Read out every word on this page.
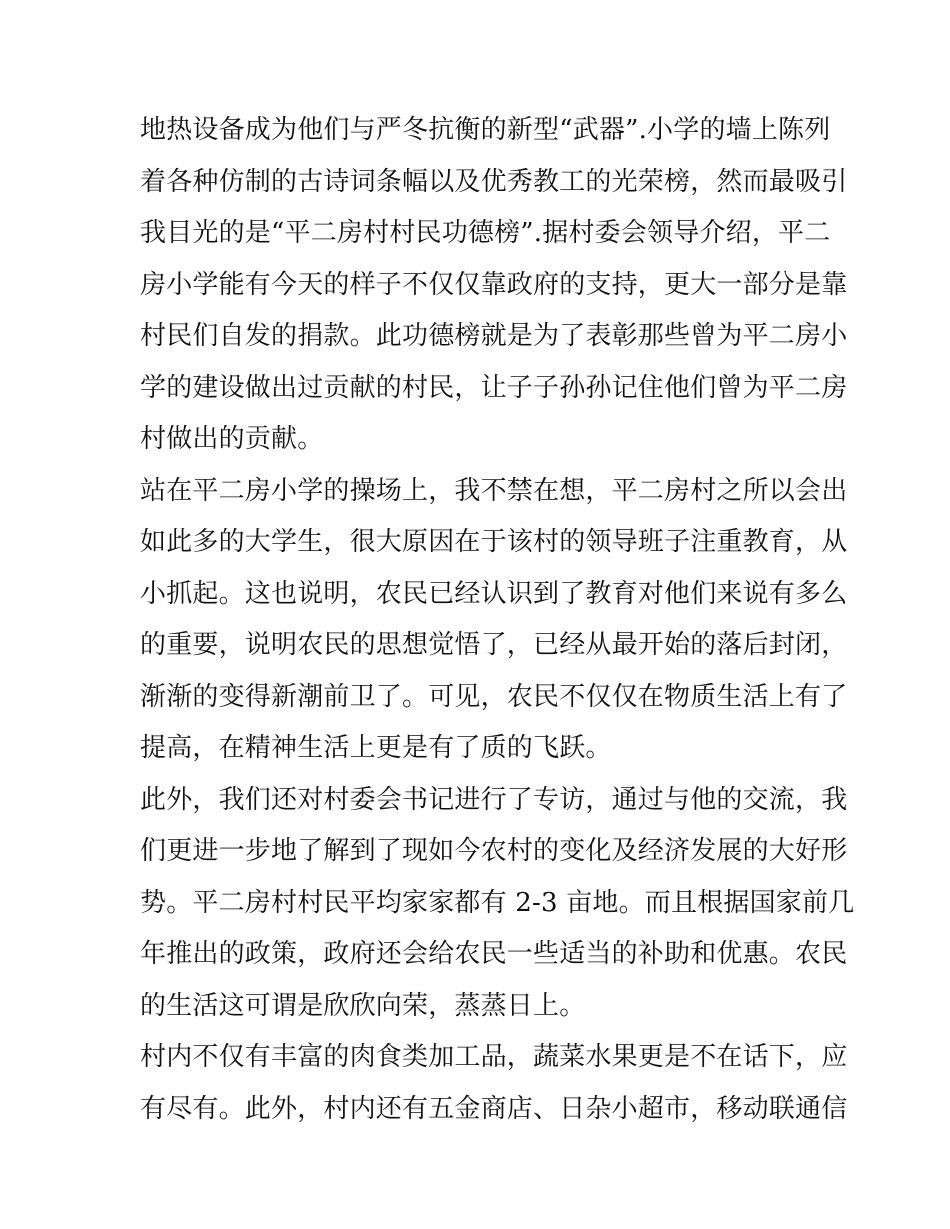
地热设备成为他们与严冬抗衡的新型“武器”.小学的墙上陈列
着各种仿制的古诗词条幅以及优秀教工的光荣榜，然而最吸引
我目光的是“平二房村村民功德榜”.据村委会领导介绍，平二
房小学能有今天的样子不仅仅靠政府的支持，更大一部分是靠
村民们自发的捐款。此功德榜就是为了表彰那些曾为平二房小
学的建设做出过贡献的村民，让子子孙孙记住他们曾为平二房
村做出的贡献。
站在平二房小学的操场上，我不禁在想，平二房村之所以会出
如此多的大学生，很大原因在于该村的领导班子注重教育，从
小抓起。这也说明，农民已经认识到了教育对他们来说有多么
的重要，说明农民的思想觉悟了，已经从最开始的落后封闭，
渐渐的变得新潮前卫了。可见，农民不仅仅在物质生活上有了
提高，在精神生活上更是有了质的飞跃。
此外，我们还对村委会书记进行了专访，通过与他的交流，我
们更进一步地了解到了现如今农村的变化及经济发展的大好形
势。平二房村村民平均家家都有 2-3 亩地。而且根据国家前几
年推出的政策，政府还会给农民一些适当的补助和优惠。农民
的生活这可谓是欣欣向荣，蒸蒸日上。
村内不仅有丰富的肉食类加工品，蔬菜水果更是不在话下，应
有尽有。此外，村内还有五金商店、日杂小超市，移动联通信
